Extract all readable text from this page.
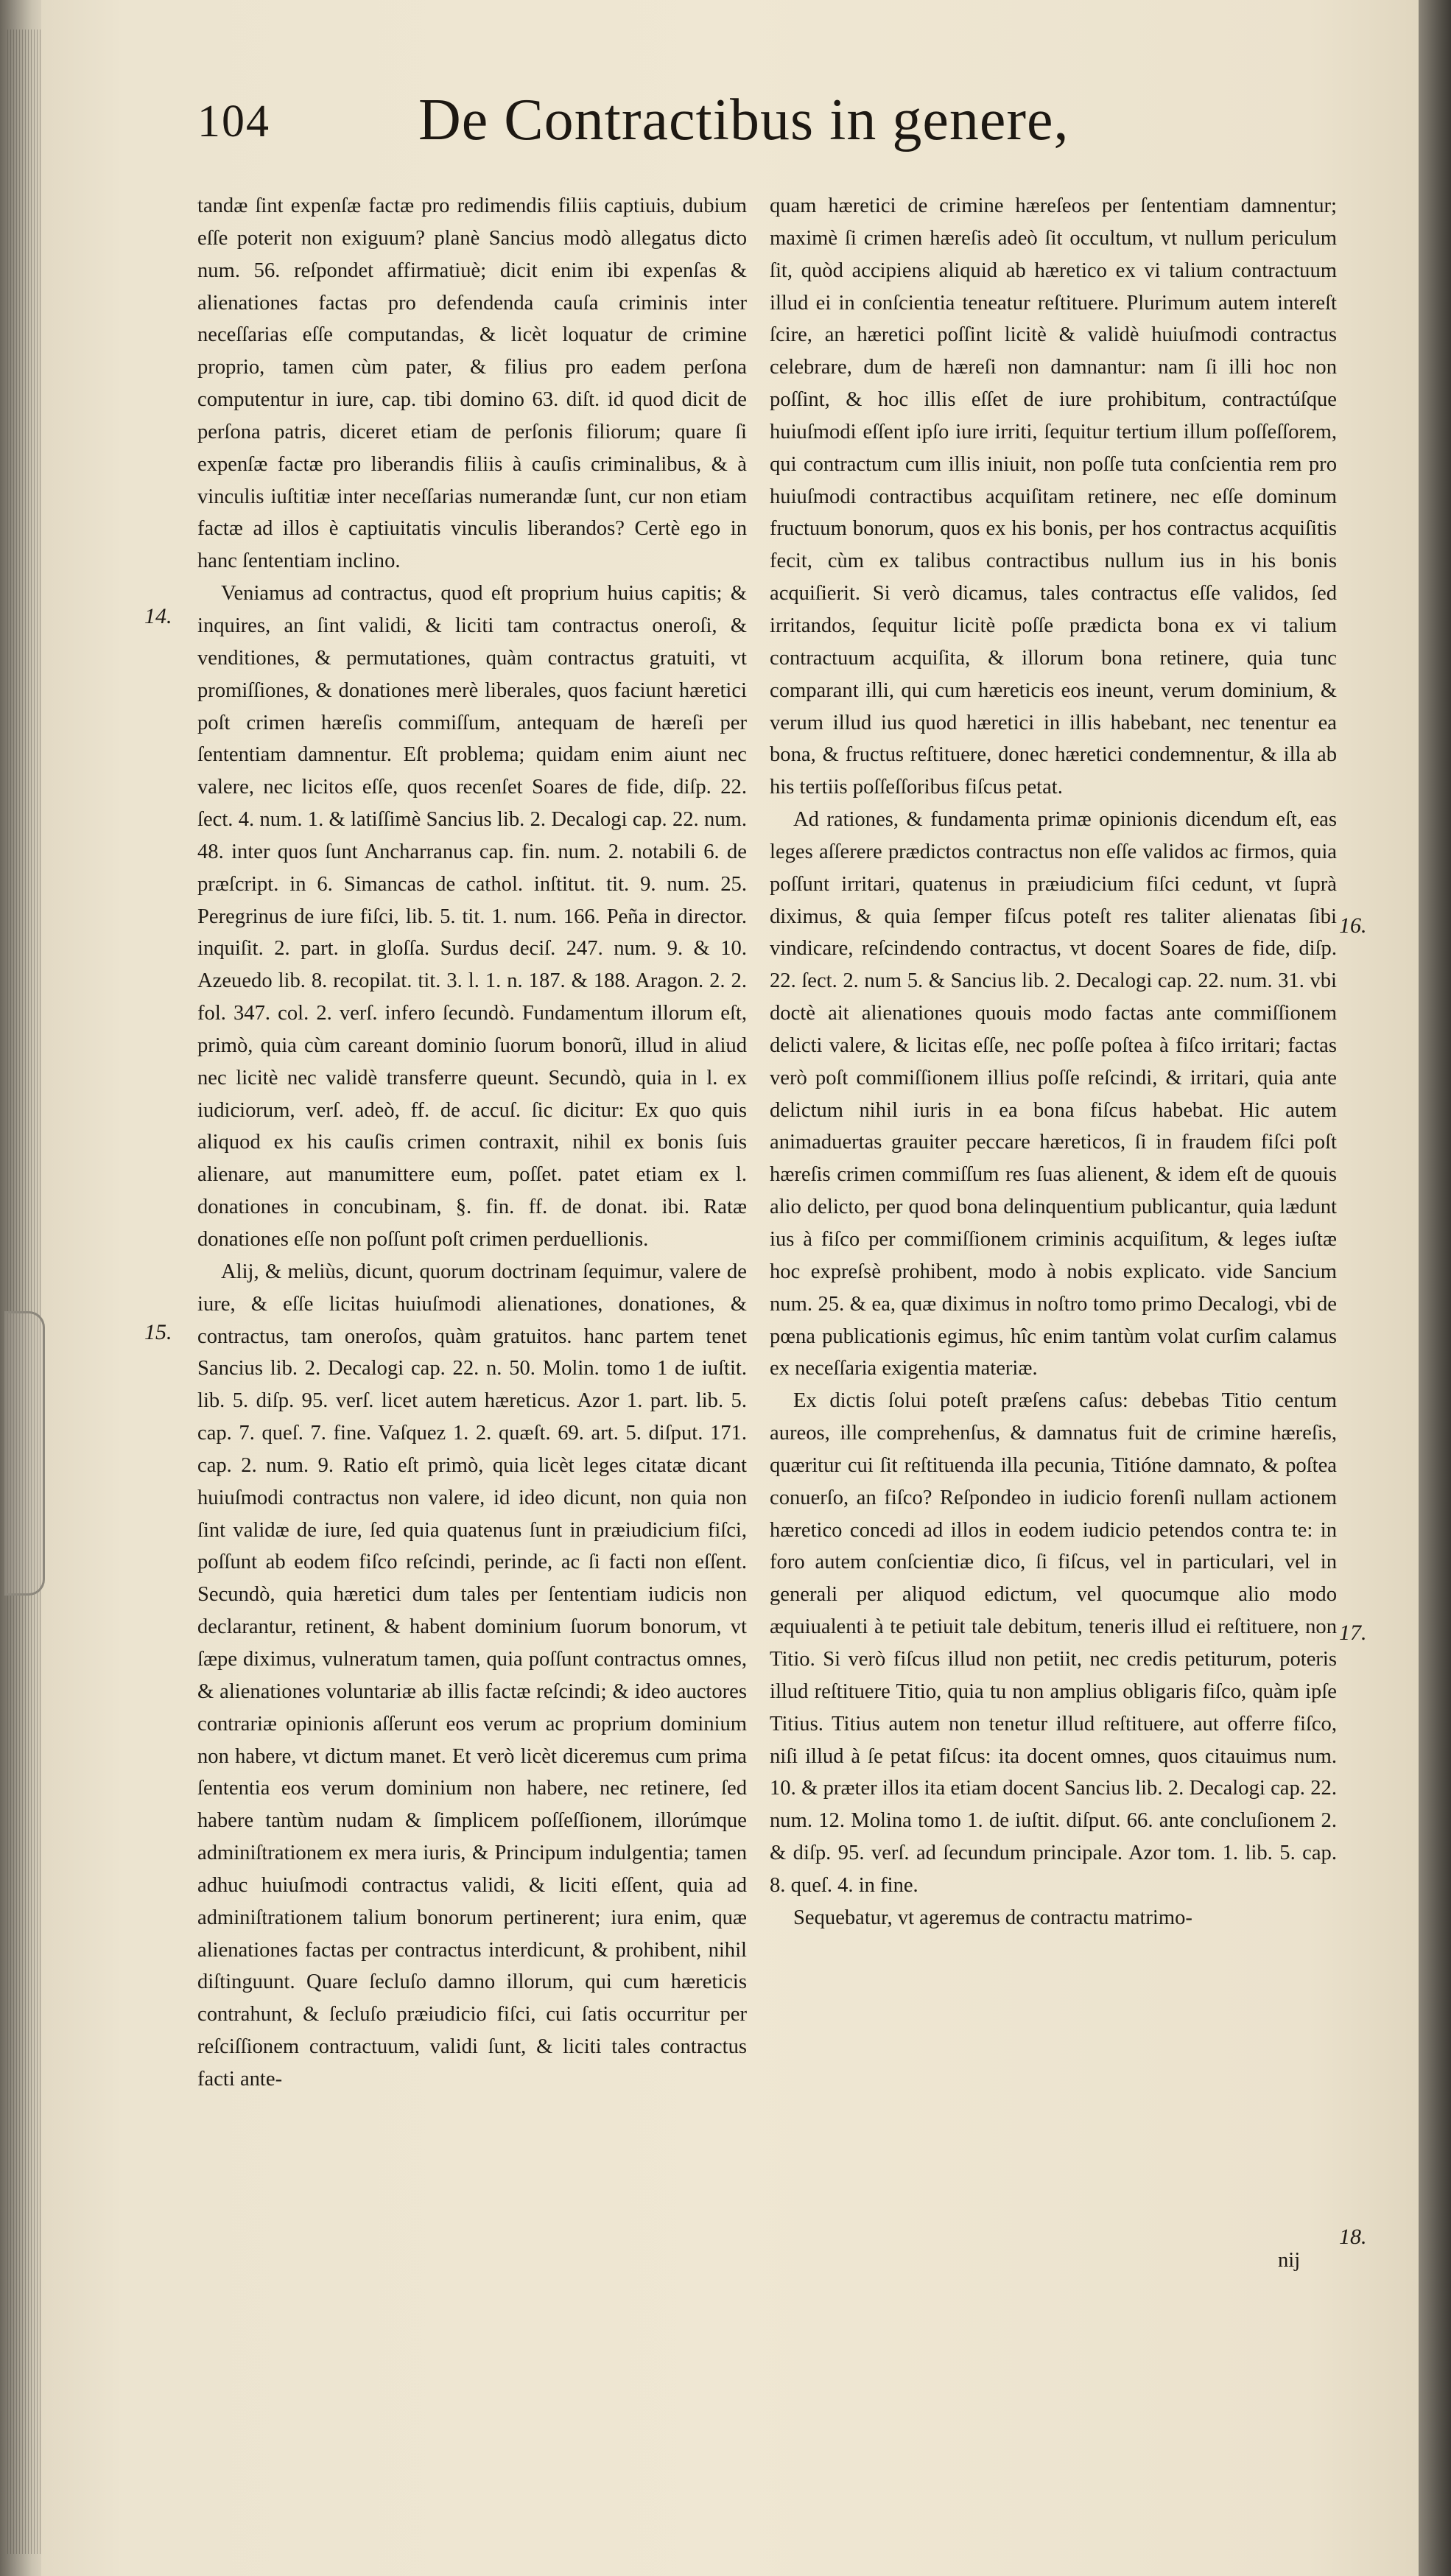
104	De Contractibus in genere,

tandæ ſint expenſæ factæ pro redimendis filiis captiuis, dubium eſſe poterit non exiguum? planè Sancius modò allegatus dicto num. 56. reſpondet affirmatiuè; dicit enim ibi expenſas & alienationes factas pro defendenda cauſa criminis inter neceſſarias eſſe computandas, & licèt loquatur de crimine proprio, tamen cùm pater, & filius pro eadem perſona computentur in iure, cap. tibi domino 63. diſt. id quod dicit de perſona patris, diceret etiam de perſonis filiorum; quare ſi expenſæ factæ pro liberandis filiis à cauſis criminalibus, & à vinculis iuſtitiæ inter neceſſarias numerandæ ſunt, cur non etiam factæ ad illos è captiuitatis vinculis liberandos? Certè ego in hanc ſententiam inclino.

Veniamus ad contractus, quod eſt proprium huius capitis; & inquires, an ſint validi, & liciti tam contractus oneroſi, & venditiones, & permutationes, quàm contractus gratuiti, vt promiſſiones, & donationes merè liberales, quos faciunt hæretici poſt crimen hæreſis commiſſum, antequam de hæreſi per ſententiam damnentur. Eſt problema; quidam enim aiunt nec valere, nec licitos eſſe, quos recenſet Soares de fide, diſp. 22. ſect. 4. num. 1. & latiſſimè Sancius lib. 2. Decalogi cap. 22. num. 48. inter quos ſunt Ancharranus cap. fin. num. 2. notabili 6. de præſcript. in 6. Simancas de cathol. inſtitut. tit. 9. num. 25. Peregrinus de iure fiſci, lib. 5. tit. 1. num. 166. Peña in director. inquiſit. 2. part. in gloſſa. Surdus deciſ. 247. num. 9. & 10. Azeuedo lib. 8. recopilat. tit. 3. l. 1. n. 187. & 188. Aragon. 2. 2. fol. 347. col. 2. verſ. infero ſecundò. Fundamentum illorum eſt, primò, quia cùm careant dominio ſuorum bonorũ, illud in aliud nec licitè nec validè transferre queunt. Secundò, quia in l. ex iudiciorum, verſ. adeò, ff. de accuſ. ſic dicitur: Ex quo quis aliquod ex his cauſis crimen contraxit, nihil ex bonis ſuis alienare, aut manumittere eum, poſſet. patet etiam ex l. donationes in concubinam, §. fin. ff. de donat. ibi. Ratæ donationes eſſe non poſſunt poſt crimen perduellionis.

Alij, & meliùs, dicunt, quorum doctrinam ſequimur, valere de iure, & eſſe licitas huiuſmodi alienationes, donationes, & contractus, tam oneroſos, quàm gratuitos. hanc partem tenet Sancius lib. 2. Decalogi cap. 22. n. 50. Molin. tomo 1 de iuſtit. lib. 5. diſp. 95. verſ. licet autem hæreticus. Azor 1. part. lib. 5. cap. 7. queſ. 7. fine. Vaſquez 1. 2. quæſt. 69. art. 5. diſput. 171. cap. 2. num. 9. Ratio eſt primò, quia licèt leges citatæ dicant huiuſmodi contractus non valere, id ideo dicunt, non quia non ſint validæ de iure, ſed quia quatenus ſunt in præiudicium fiſci, poſſunt ab eodem fiſco reſcindi, perinde, ac ſi facti non eſſent. Secundò, quia hæretici dum tales per ſententiam iudicis non declarantur, retinent, & habent dominium ſuorum bonorum, vt ſæpe diximus, vulneratum tamen, quia poſſunt contractus omnes, & alienationes voluntariæ ab illis factæ reſcindi; & ideo auctores contrariæ opinionis aſſerunt eos verum ac proprium dominium non habere, vt dictum manet. Et verò licèt diceremus cum prima ſententia eos verum dominium non habere, nec retinere, ſed habere tantùm nudam & ſimplicem poſſeſſionem, illorúmque adminiſtrationem ex mera iuris, & Principum indulgentia; tamen adhuc huiuſmodi contractus validi, & liciti eſſent, quia ad adminiſtrationem talium bonorum pertinerent; iura enim, quæ alienationes factas per contractus interdicunt, & prohibent, nihil diſtinguunt. Quare ſecluſo damno illorum, qui cum hæreticis contrahunt, & ſecluſo præiudicio fiſci, cui ſatis occurritur per reſciſſionem contractuum, validi ſunt, & liciti tales contractus facti ante-

quam hæretici de crimine hæreſeos per ſententiam damnentur; maximè ſi crimen hæreſis adeò ſit occultum, vt nullum periculum ſit, quòd accipiens aliquid ab hæretico ex vi talium contractuum illud ei in conſcientia teneatur reſtituere. Plurimum autem intereſt ſcire, an hæretici poſſint licitè & validè huiuſmodi contractus celebrare, dum de hæreſi non damnantur: nam ſi illi hoc non poſſint, & hoc illis eſſet de iure prohibitum, contractúſque huiuſmodi eſſent ipſo iure irriti, ſequitur tertium illum poſſeſſorem, qui contractum cum illis iniuit, non poſſe tuta conſcientia rem pro huiuſmodi contractibus acquiſitam retinere, nec eſſe dominum fructuum bonorum, quos ex his bonis, per hos contractus acquiſitis fecit, cùm ex talibus contractibus nullum ius in his bonis acquiſierit. Si verò dicamus, tales contractus eſſe validos, ſed irritandos, ſequitur licitè poſſe prædicta bona ex vi talium contractuum acquiſita, & illorum bona retinere, quia tunc comparant illi, qui cum hæreticis eos ineunt, verum dominium, & verum illud ius quod hæretici in illis habebant, nec tenentur ea bona, & fructus reſtituere, donec hæretici condemnentur, & illa ab his tertiis poſſeſſoribus fiſcus petat.

Ad rationes, & fundamenta primæ opinionis dicendum eſt, eas leges aſſerere prædictos contractus non eſſe validos ac firmos, quia poſſunt irritari, quatenus in præiudicium fiſci cedunt, vt ſuprà diximus, & quia ſemper fiſcus poteſt res taliter alienatas ſibi vindicare, reſcindendo contractus, vt docent Soares de fide, diſp. 22. ſect. 2. num 5. & Sancius lib. 2. Decalogi cap. 22. num. 31. vbi doctè ait alienationes quouis modo factas ante commiſſionem delicti valere, & licitas eſſe, nec poſſe poſtea à fiſco irritari; factas verò poſt commiſſionem illius poſſe reſcindi, & irritari, quia ante delictum nihil iuris in ea bona fiſcus habebat. Hic autem animaduertas grauiter peccare hæreticos, ſi in fraudem fiſci poſt hæreſis crimen commiſſum res ſuas alienent, & idem eſt de quouis alio delicto, per quod bona delinquentium publicantur, quia lædunt ius à fiſco per commiſſionem criminis acquiſitum, & leges iuſtæ hoc expreſsè prohibent, modo à nobis explicato. vide Sancium num. 25. & ea, quæ diximus in noſtro tomo primo Decalogi, vbi de pœna publicationis egimus, hîc enim tantùm volat curſim calamus ex neceſſaria exigentia materiæ.

Ex dictis ſolui poteſt præſens caſus: debebas Titio centum aureos, ille comprehenſus, & damnatus fuit de crimine hæreſis, quæritur cui ſit reſtituenda illa pecunia, Titióne damnato, & poſtea conuerſo, an fiſco? Reſpondeo in iudicio forenſi nullam actionem hæretico concedi ad illos in eodem iudicio petendos contra te: in foro autem conſcientiæ dico, ſi fiſcus, vel in particulari, vel in generali per aliquod edictum, vel quocumque alio modo æquiualenti à te petiuit tale debitum, teneris illud ei reſtituere, non Titio. Si verò fiſcus illud non petiit, nec credis petiturum, poteris illud reſtituere Titio, quia tu non amplius obligaris fiſco, quàm ipſe Titius. Titius autem non tenetur illud reſtituere, aut offerre fiſco, niſi illud à ſe petat fiſcus: ita docent omnes, quos citauimus num. 10. & præter illos ita etiam docent Sancius lib. 2. Decalogi cap. 22. num. 12. Molina tomo 1. de iuſtit. diſput. 66. ante concluſionem 2. & diſp. 95. verſ. ad ſecundum principale. Azor tom. 1. lib. 5. cap. 8. queſ. 4. in fine.

Sequebatur, vt ageremus de contractu matrimo-

14.
15.
16.
17.
18.
nij
